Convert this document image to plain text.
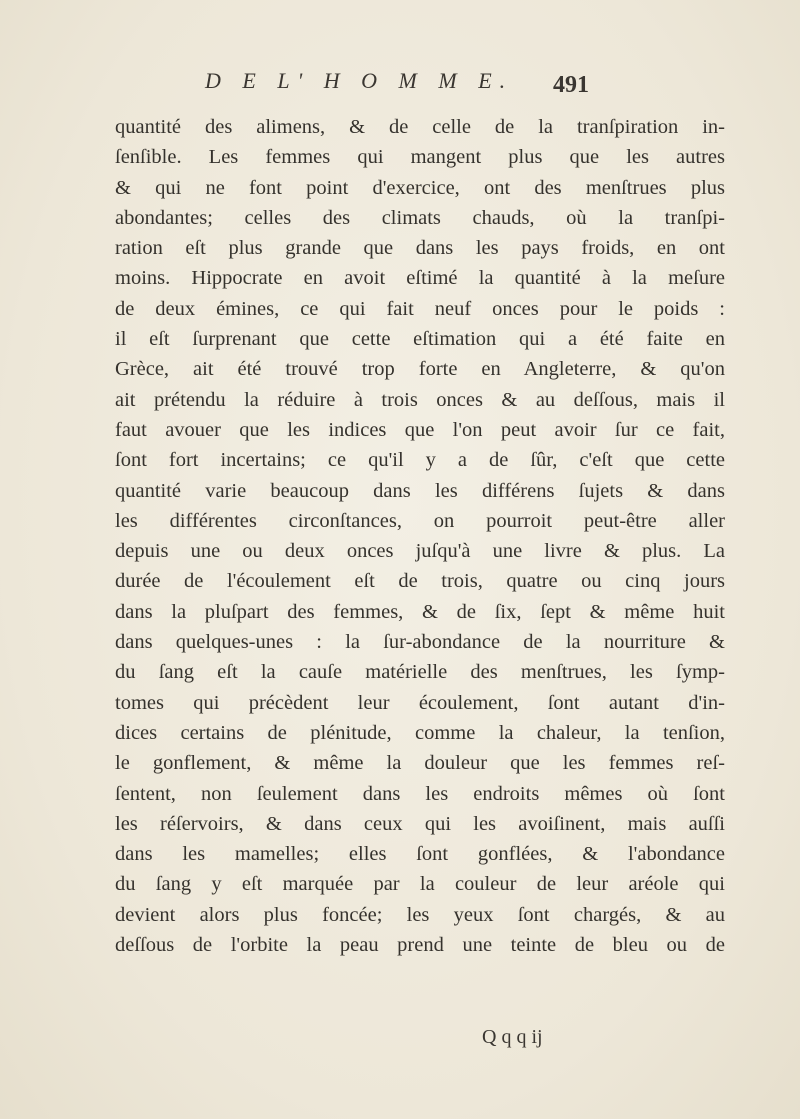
D E L' H O M M E.	491
quantité des alimens, & de celle de la tranſpiration in-
ſenſible. Les femmes qui mangent plus que les autres
& qui ne font point d'exercice, ont des menſtrues plus
abondantes; celles des climats chauds, où la tranſpi-
ration eſt plus grande que dans les pays froids, en ont
moins. Hippocrate en avoit eſtimé la quantité à la meſure
de deux émines, ce qui fait neuf onces pour le poids :
il eſt ſurprenant que cette eſtimation qui a été faite en
Grèce, ait été trouvé trop forte en Angleterre, & qu'on
ait prétendu la réduire à trois onces & au deſſous, mais il
faut avouer que les indices que l'on peut avoir ſur ce fait,
ſont fort incertains; ce qu'il y a de ſûr, c'eſt que cette
quantité varie beaucoup dans les différens ſujets & dans
les différentes circonſtances, on pourroit peut-être aller
depuis une ou deux onces juſqu'à une livre & plus. La
durée de l'écoulement eſt de trois, quatre ou cinq jours
dans la pluſpart des femmes, & de ſix, ſept & même huit
dans quelques-unes : la ſur-abondance de la nourriture &
du ſang eſt la cauſe matérielle des menſtrues, les ſymp-
tomes qui précèdent leur écoulement, ſont autant d'in-
dices certains de plénitude, comme la chaleur, la tenſion,
le gonflement, & même la douleur que les femmes reſ-
ſentent, non ſeulement dans les endroits mêmes où ſont
les réſervoirs, & dans ceux qui les avoiſinent, mais auſſi
dans les mamelles; elles ſont gonflées, & l'abondance
du ſang y eſt marquée par la couleur de leur aréole qui
devient alors plus foncée; les yeux ſont chargés, & au
deſſous de l'orbite la peau prend une teinte de bleu ou de
Q q q ij
